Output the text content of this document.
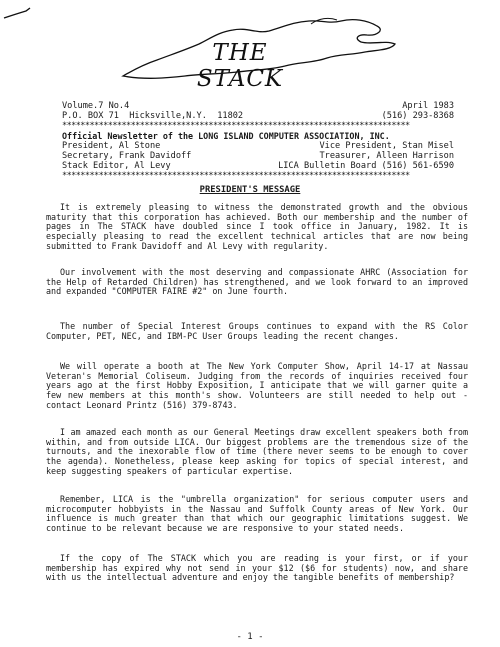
THE STACK
Volume.7 No.4	April 1983
P.O. BOX 71  Hicksville,N.Y.  11802	(516) 293-8368
****************************************************************************
Official Newsletter of the LONG ISLAND COMPUTER ASSOCIATION, INC.
President, Al Stone	Vice President, Stan Misel
Secretary, Frank Davidoff	Treasurer, Alleen Harrison
Stack Editor, Al Levy	LICA Bulletin Board (516) 561-6590
****************************************************************************
PRESIDENT'S MESSAGE
It is extremely pleasing to witness the demonstrated growth and the obvious maturity that this corporation has achieved. Both our membership and the number of pages in The STACK have doubled since I took office in January, 1982. It is especially pleasing to read the excellent technical articles that are now being submitted to Frank Davidoff and Al Levy with regularity.
Our involvement with the most deserving and compassionate AHRC (Association for the Help of Retarded Children) has strengthened, and we look forward to an improved and expanded "COMPUTER FAIRE #2" on June fourth.
The number of Special Interest Groups continues to expand with the RS Color Computer, PET, NEC, and IBM-PC User Groups leading the recent changes.
We will operate a booth at The New York Computer Show, April 14-17 at Nassau Veteran's Memorial Coliseum. Judging from the records of inquiries received four years ago at the first Hobby Exposition, I anticipate that we will garner quite a few new members at this month's show. Volunteers are still needed to help out - contact Leonard Printz (516) 379-8743.
I am amazed each month as our General Meetings draw excellent speakers both from within, and from outside LICA. Our biggest problems are the tremendous size of the turnouts, and the inexorable flow of time (there never seems to be enough to cover the agenda). Nonetheless, please keep asking for topics of special interest, and keep suggesting speakers of particular expertise.
Remember, LICA is the "umbrella organization" for serious computer users and microcomputer hobbyists in the Nassau and Suffolk County areas of New York. Our influence is much greater than that which our geographic limitations suggest. We continue to be relevant because we are responsive to your stated needs.
If the copy of The STACK which you are reading is your first, or if your membership has expired why not send in your $12 ($6 for students) now, and share with us the intellectual adventure and enjoy the tangible benefits of membership?
- 1 -
